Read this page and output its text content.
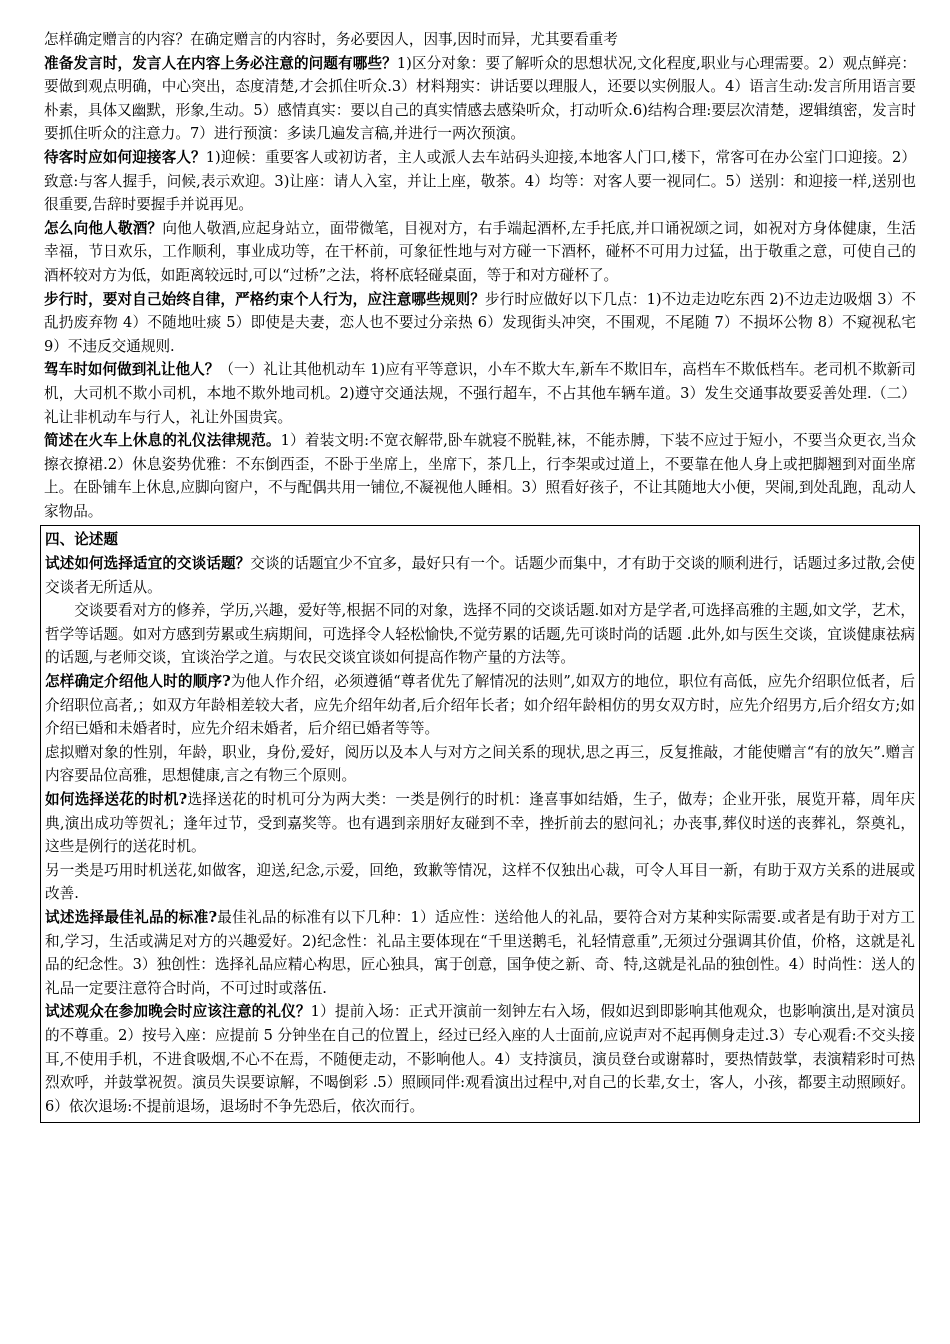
怎样确定赠言的内容？在确定赠言的内容时，务必要因人，因事,因时而异，尤其要看重考

准备发言时，发言人在内容上务必注意的问题有哪些？1)区分对象：要了解听众的思想状况,文化程度,职业与心理需要。2）观点鲜亮：要做到观点明确，中心突出，态度清楚,才会抓住听众.3）材料翔实：讲话要以理服人，还要以实例服人。4）语言生动:发言所用语言要朴素，具体又幽默，形象,生动。5）感情真实：要以自己的真实情感去感染听众，打动听众.6)结构合理:要层次清楚，逻辑缜密，发言时要抓住听众的注意力。7）进行预演：多读几遍发言稿,并进行一两次预演。

待客时应如何迎接客人？1)迎候：重要客人或初访者，主人或派人去车站码头迎接,本地客人门口,楼下，常客可在办公室门口迎接。2）致意:与客人握手，问候,表示欢迎。3)让座：请人入室，并让上座，敬茶。4）均等：对客人要一视同仁。5）送别：和迎接一样,送别也很重要,告辞时要握手并说再见。

怎么向他人敬酒？向他人敬酒,应起身站立，面带微笔，目视对方，右手端起酒杯,左手托底,并口诵祝颂之词，如祝对方身体健康，生活幸福，节日欢乐，工作顺利，事业成功等，在干杯前，可象征性地与对方碰一下酒杯，碰杯不可用力过猛，出于敬重之意，可使自己的酒杯较对方为低，如距离较远时,可以“过桥”之法，将杯底轻碰桌面，等于和对方碰杯了。

步行时，要对自己始终自律，严格约束个人行为，应注意哪些规则？步行时应做好以下几点：1)不边走边吃东西 2)不边走边吸烟 3）不乱扔废弃物 4）不随地吐痰 5）即使是夫妻，恋人也不要过分亲热 6）发现街头冲突，不围观，不尾随 7）不损坏公物 8）不窥视私宅 9）不违反交通规则.

驾车时如何做到礼让他人？（一）礼让其他机动车 1)应有平等意识，小车不欺大车,新车不欺旧车，高档车不欺低档车。老司机不欺新司机，大司机不欺小司机，本地不欺外地司机。2)遵守交通法规，不强行超车，不占其他车辆车道。3）发生交通事故要妥善处理.（二）礼让非机动车与行人，礼让外国贵宾。

简述在火车上休息的礼仪法律规范。1）着装文明:不宽衣解带,卧车就寝不脱鞋,袜，不能赤膊，下装不应过于短小，不要当众更衣,当众擦衣撩裙.2）休息姿势优雅：不东倒西歪，不卧于坐席上，坐席下，茶几上，行李架或过道上，不要靠在他人身上或把脚翘到对面坐席上。在卧铺车上休息,应脚向窗户，不与配偶共用一铺位,不凝视他人睡相。3）照看好孩子，不让其随地大小便，哭闹,到处乱跑，乱动人家物品。

四、论述题

试述如何选择适宜的交谈话题？交谈的话题宜少不宜多，最好只有一个。话题少而集中，才有助于交谈的顺利进行，话题过多过散,会使交谈者无所适从。

交谈要看对方的修养，学历,兴趣，爱好等,根据不同的对象，选择不同的交谈话题.如对方是学者,可选择高雅的主题,如文学，艺术，哲学等话题。如对方感到劳累或生病期间，可选择令人轻松愉快,不觉劳累的话题,先可谈时尚的话题 .此外,如与医生交谈，宜谈健康祛病的话题,与老师交谈，宜谈治学之道。与农民交谈宜谈如何提高作物产量的方法等。

怎样确定介绍他人时的顺序?为他人作介绍，必须遵循“尊者优先了解情况的法则”,如双方的地位，职位有高低，应先介绍职位低者，后介绍职位高者,；如双方年龄相差较大者，应先介绍年幼者,后介绍年长者；如介绍年龄相仿的男女双方时，应先介绍男方,后介绍女方;如介绍已婚和未婚者时，应先介绍未婚者，后介绍已婚者等等。

虑拟赠对象的性别，年龄，职业，身份,爱好，阅历以及本人与对方之间关系的现状,思之再三，反复推敲，才能使赠言“有的放矢”.赠言内容要品位高雅，思想健康,言之有物三个原则。

如何选择送花的时机?选择送花的时机可分为两大类：一类是例行的时机：逢喜事如结婚，生子，做寿；企业开张，展览开幕，周年庆典,演出成功等贺礼；逢年过节，受到嘉奖等。也有遇到亲朋好友碰到不幸，挫折前去的慰问礼；办丧事,葬仪时送的丧葬礼，祭奠礼，这些是例行的送花时机。

另一类是巧用时机送花,如做客，迎送,纪念,示爱，回绝，致歉等情况，这样不仅独出心裁，可令人耳目一新，有助于双方关系的进展或改善.

试述选择最佳礼品的标准?最佳礼品的标准有以下几种：1）适应性：送给他人的礼品，要符合对方某种实际需要.或者是有助于对方工和,学习，生活或满足对方的兴趣爱好。2)纪念性：礼品主要体现在“千里送鹅毛，礼轻情意重”,无须过分强调其价值，价格，这就是礼品的纪念性。3）独创性：选择礼品应精心构思，匠心独具，寓于创意，国争使之新、奇、特,这就是礼品的独创性。4）时尚性：送人的礼品一定要注意符合时尚，不可过时或落伍.

试述观众在参加晚会时应该注意的礼仪？1）提前入场：正式开演前一刻钟左右入场，假如迟到即影响其他观众，也影响演出,是对演员的不尊重。2）按号入座：应提前 5 分钟坐在自己的位置上，经过已经入座的人士面前,应说声对不起再侧身走过.3）专心观看:不交头接耳,不使用手机，不进食吸烟,不心不在焉，不随便走动，不影响他人。4）支持演员，演员登台或谢幕时，要热情鼓掌，表演精彩时可热烈欢呼，并鼓掌祝贺。演员失误要谅解，不喝倒彩 .5）照顾同伴:观看演出过程中,对自己的长辈,女士，客人，小孩，都要主动照顾好。6）依次退场:不提前退场，退场时不争先恐后，依次而行。
